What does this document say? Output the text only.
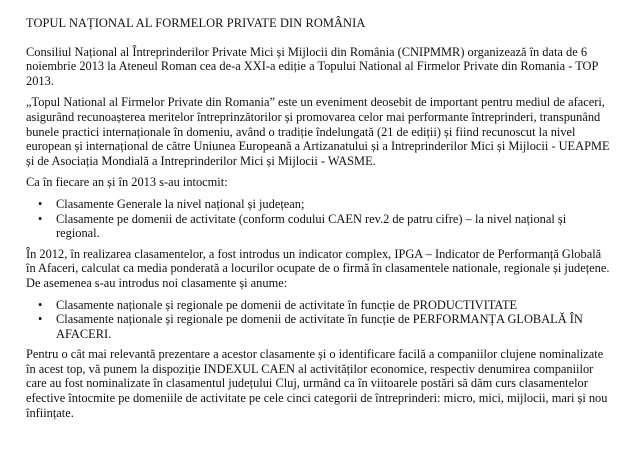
TOPUL NAȚIONAL AL FORMELOR PRIVATE DIN ROMÂNIA

Consiliul Național al Întreprinderilor Private Mici și Mijlocii din România (CNIPMMR) organizează în data de 6 noiembrie 2013 la Ateneul Roman cea de-a XXI-a ediție a Topului National al Firmelor Private din Romania - TOP 2013.

„Topul National al Firmelor Private din Romania” este un eveniment deosebit de important pentru mediul de afaceri, asigurând recunoașterea meritelor întreprinzătorilor și promovarea celor mai performante întreprinderi, transpunând bunele practici internaționale în domeniu, având o tradiție îndelungată (21 de ediții) și fiind recunoscut la nivel european și internațional de către Uniunea Europeană a Artizanatului și a Intreprinderilor Mici și Mijlocii - UEAPME și de Asociația Mondială a Intreprinderilor Mici și Mijlocii - WASME.

Ca în fiecare an și în 2013 s-au intocmit:

• Clasamente Generale la nivel național și județean;
• Clasamente pe domenii de activitate (conform codului CAEN rev.2 de patru cifre) – la nivel național și regional.

În 2012, în realizarea clasamentelor, a fost introdus un indicator complex, IPGA – Indicator de Performanță Globală în Afaceri, calculat ca media ponderată a locurilor ocupate de o firmă în clasamentele nationale, regionale și județene. De asemenea s-au introdus noi clasamente și anume:

• Clasamente naționale și regionale pe domenii de activitate în funcție de PRODUCTIVITATE
• Clasamente naționale și regionale pe domenii de activitate în funcție de PERFORMANȚA GLOBALĂ ÎN AFACERI.

Pentru o cât mai relevantă prezentare a acestor clasamente și o identificare facilă a companiilor clujene nominalizate în acest top, vă punem la dispoziție INDEXUL CAEN al activităților economice, respectiv denumirea companiilor care au fost nominalizate în clasamentul județului Cluj, urmând ca în viitoarele postări să dăm curs clasamentelor efective întocmite pe domeniile de activitate pe cele cinci categorii de întreprinderi: micro, mici, mijlocii, mari și nou înființate.
